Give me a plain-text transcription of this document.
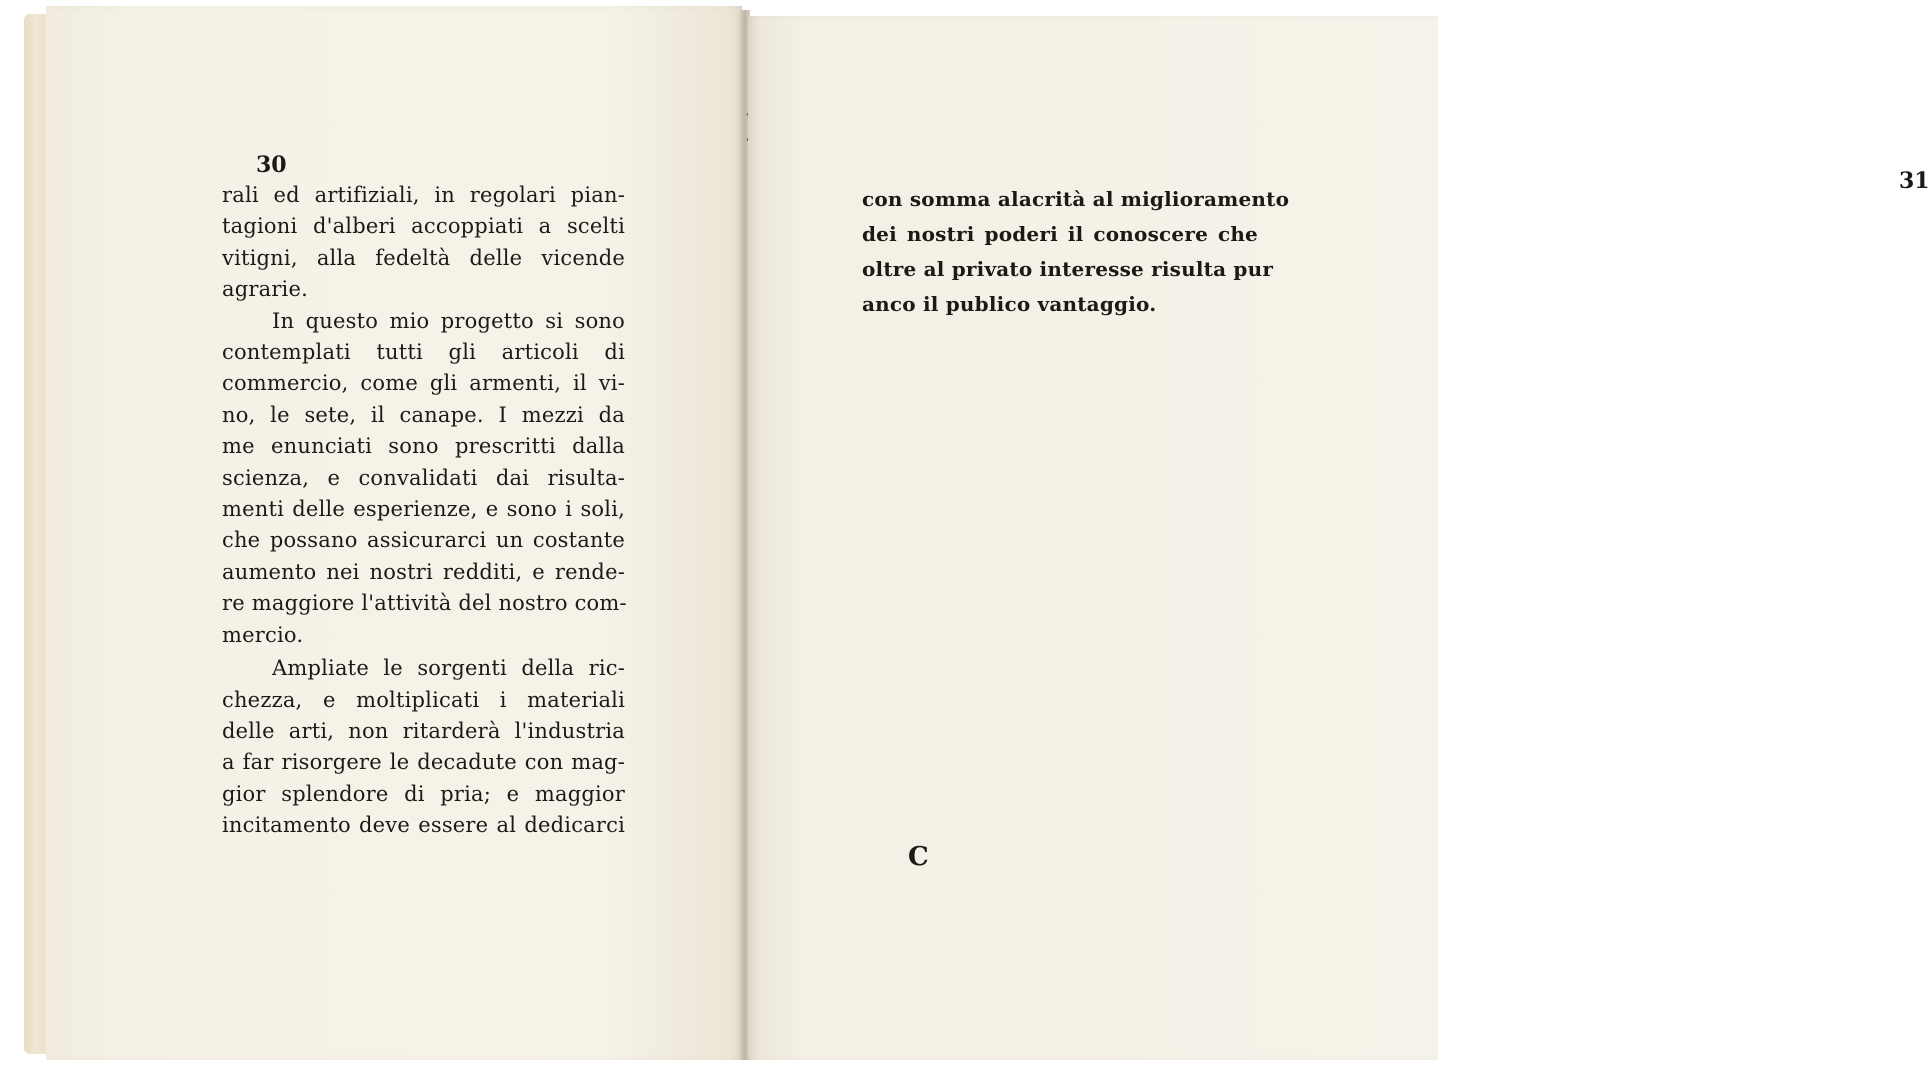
30
rali ed artifiziali, in regolari pian-
tagioni d'alberi accoppiati a scelti
vitigni, alla fedeltà delle vicende
agrarie.
In questo mio progetto si sono
contemplati tutti gli articoli di
commercio, come gli armenti, il vi-
no, le sete, il canape. I mezzi da
me enunciati sono prescritti dalla
scienza, e convalidati dai risulta-
menti delle esperienze, e sono i soli,
che possano assicurarci un costante
aumento nei nostri redditi, e rende-
re maggiore l'attività del nostro com-
mercio.
Ampliate le sorgenti della ric-
chezza, e moltiplicati i materiali
delle arti, non ritarderà l'industria
a far risorgere le decadute con mag-
gior splendore di pria; e maggior
incitamento deve essere al dedicarci
31
con somma alacrità al miglioramento
dei nostri poderi il conoscere che
oltre al privato interesse risulta pur
anco il publico vantaggio.
C
